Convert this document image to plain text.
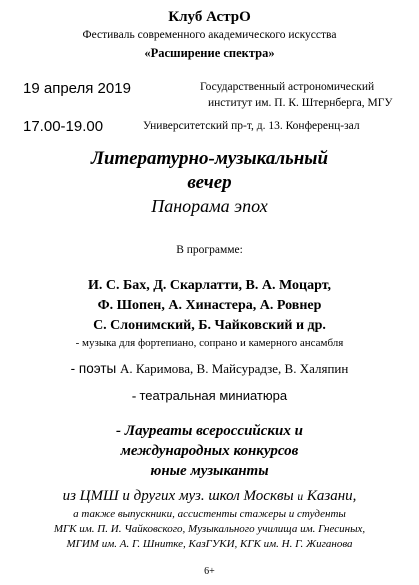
Клуб АстрО
Фестиваль современного академического искусства
«Расширение спектра»
19 апреля 2019	Государственный астрономический
институт им. П. К. Штернберга, МГУ
17.00-19.00	Университетский пр-т, д. 13. Конференц-зал
Литературно-музыкальный
вечер
Панорама эпох
В программе:
И. С. Бах, Д. Скарлатти, В. А. Моцарт,
Ф. Шопен, А. Хинастера, А. Ровнер
С. Слонимский, Б. Чайковский и др.
- музыка для фортепиано, сопрано и камерного ансамбля
- поэты А. Каримова, В. Майсурадзе, В. Халяпин
- театральная миниатюра
- Лауреаты всероссийских и
международных конкурсов
юные музыканты
из ЦМШ и других муз. школ Москвы и Казани,
а также выпускники, ассистенты стажеры и студенты
МГК им. П. И. Чайковского, Музыкального училища им. Гнесиных,
МГИМ им. А. Г. Шнитке, КазГУКИ, КГК им. Н. Г. Жиганова
6+
